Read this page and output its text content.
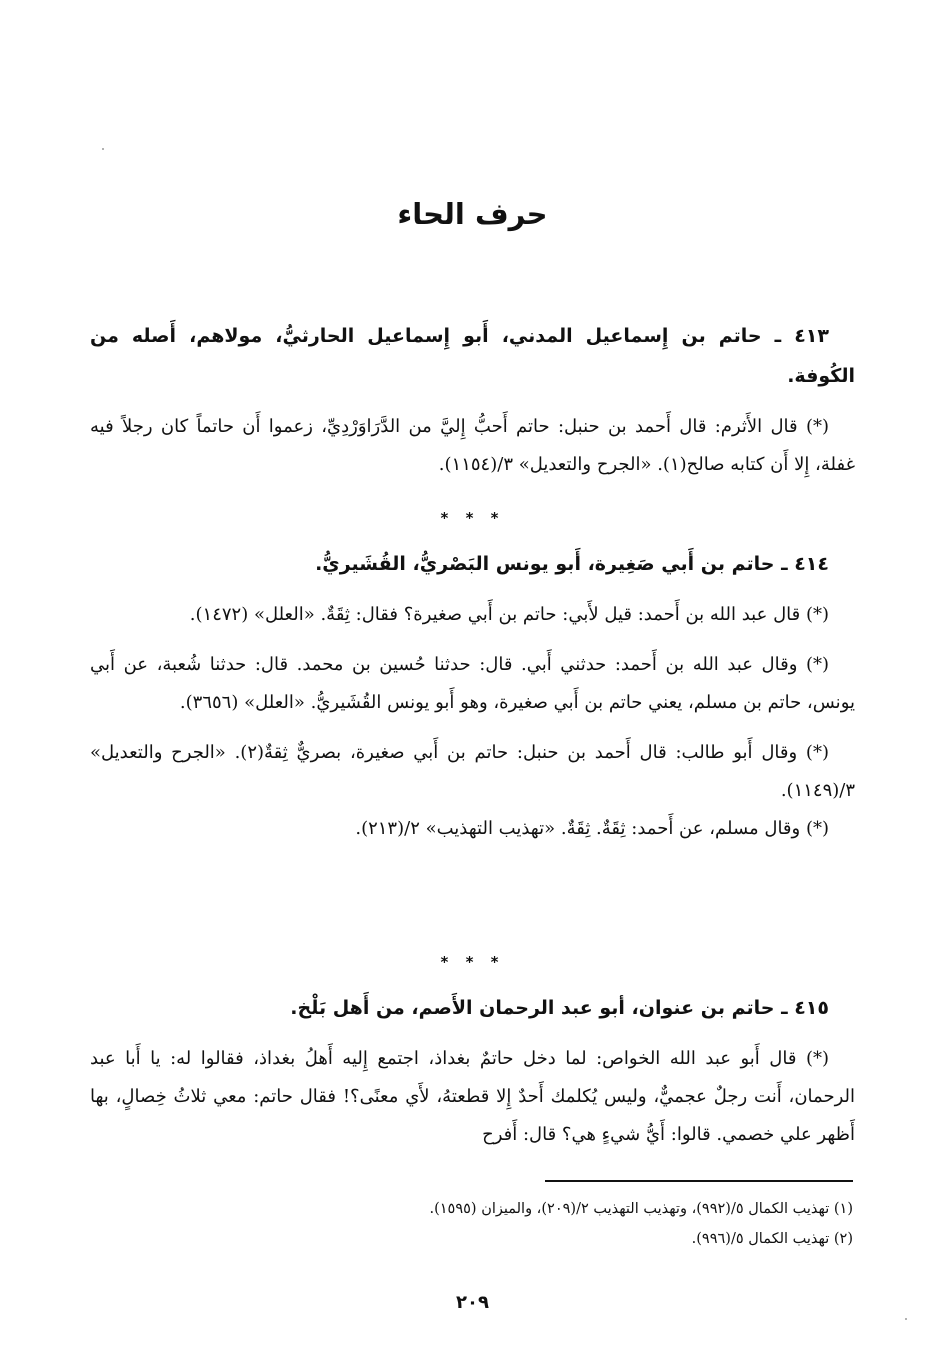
حرف الحاء

٤١٣ ـ حاتم بن إِسماعيل المدني، أَبو إِسماعيل الحارثيُّ، مولاهم، أَصله من الكُوفة.

(*) قال الأَثرم: قال أَحمد بن حنبل: حاتم أَحبُّ إِليَّ من الدَّرَاوَرْدِيِّ، زعموا أَن حاتماً كان رجلاً فيه غفلة، إِلا أَن كتابه صالح(١). «الجرح والتعديل» ٣/(١١٥٤).

* * *

٤١٤ ـ حاتم بن أَبي صَغِيرة، أَبو يونس البَصْريُّ، القُشَيريُّ.

(*) قال عبد الله بن أَحمد: قيل لأَبي: حاتم بن أَبي صغيرة؟ فقال: ثِقَةٌ. «العلل» (١٤٧٢).

(*) وقال عبد الله بن أَحمد: حدثني أَبي. قال: حدثنا حُسين بن محمد. قال: حدثنا شُعبة، عن أَبي يونس، حاتم بن مسلم، يعني حاتم بن أَبي صغيرة، وهو أَبو يونس القُشَيريُّ. «العلل» (٣٦٥٦).

(*) وقال أَبو طالب: قال أَحمد بن حنبل: حاتم بن أَبي صغيرة، بصريٌّ ثِقةٌ(٢). «الجرح والتعديل» ٣/(١١٤٩).

(*) وقال مسلم، عن أَحمد: ثِقَةٌ. ثِقَةٌ. «تهذيب التهذيب» ٢/(٢١٣).

* * *

٤١٥ ـ حاتم بن عنوان، أبو عبد الرحمان الأَصم، من أَهل بَلْخ.

(*) قال أَبو عبد الله الخواص: لما دخل حاتمٌ بغداذ، اجتمع إِليه أَهلُ بغداذ، فقالوا له: يا أَبا عبد الرحمان، أَنت رجلٌ عجميٌّ، وليس يُكلمك أَحدٌ إِلا قطعتهُ، لأَي معنًى؟! فقال حاتم: معي ثلاثُ خِصالٍ، بها أَظهر علي خصمي. قالوا: أَيُّ شيءٍ هي؟ قال: أَفرح

(١) تهذيب الكمال ٥/(٩٩٢)، وتهذيب التهذيب ٢/(٢٠٩)، والميزان (١٥٩٥).
(٢) تهذيب الكمال ٥/(٩٩٦).
٢٠٩
